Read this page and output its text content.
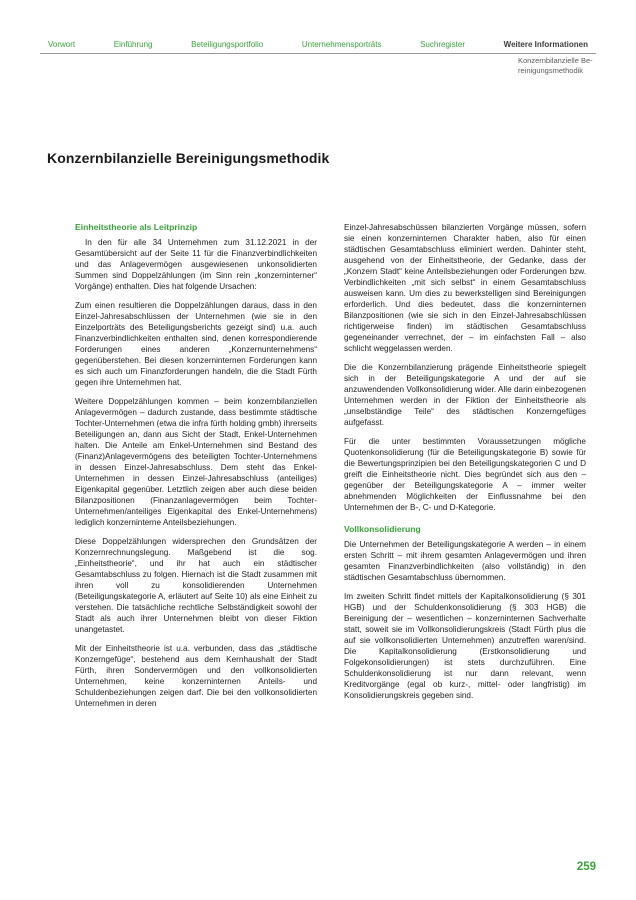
Vorwort	Einführung	Beteiligungsportfolio	Unternehmensporträts	Suchregister	Weitere Informationen
Konzernbilanzielle Be-
reinigungsmethodik
Konzernbilanzielle Bereinigungsmethodik
Einheitstheorie als Leitprinzip

In den für alle 34 Unternehmen zum 31.12.2021 in der Gesamtübersicht auf der Seite 11 für die Finanzverbindlichkeiten und das Anlagevermögen ausgewiesenen unkonsolidierten Summen sind Doppelzählungen (im Sinn rein „konzerninterner“ Vorgänge) enthalten. Dies hat folgende Ursachen:

Zum einen resultieren die Doppelzählungen daraus, dass in den Einzel-Jahresabschlüssen der Unternehmen (wie sie in den Einzelporträts des Beteiligungsberichts gezeigt sind) u.a. auch Finanzverbindlichkeiten enthalten sind, denen korrespondierende Forderungen eines anderen „Konzernunternehmens“ gegenüberstehen. Bei diesen konzerninternen Forderungen kann es sich auch um Finanzforderungen handeln, die die Stadt Fürth gegen ihre Unternehmen hat.

Weitere Doppelzählungen kommen – beim konzernbilanziellen Anlagevermögen – dadurch zustande, dass bestimmte städtische Tochter-Unternehmen (etwa die infra fürth holding gmbh) ihrerseits Beteiligungen an, dann aus Sicht der Stadt, Enkel-Unternehmen halten. Die Anteile am Enkel-Unternehmen sind Bestand des (Finanz)Anlagevermögens des beteiligten Tochter-Unternehmens in dessen Einzel-Jahresabschluss. Dem steht das Enkel-Unternehmen in dessen Einzel-Jahresabschluss (anteiliges) Eigenkapital gegenüber. Letztlich zeigen aber auch diese beiden Bilanzpositionen (Finanzanlagevermögen beim Tochter-Unternehmen/anteiliges Eigenkapital des Enkel-Unternehmens) lediglich konzerninterne Anteilsbeziehungen.

Diese Doppelzählungen widersprechen den Grundsätzen der Konzernrechnungslegung. Maßgebend ist die sog. „Einheitstheorie“, und ihr hat auch ein städtischer Gesamtabschluss zu folgen. Hiernach ist die Stadt zusammen mit ihren voll zu konsolidierenden Unternehmen (Beteiligungskategorie A, erläutert auf Seite 10) als eine Einheit zu verstehen. Die tatsächliche rechtliche Selbständigkeit sowohl der Stadt als auch ihrer Unternehmen bleibt von dieser Fiktion unangetastet.

Mit der Einheitstheorie ist u.a. verbunden, dass das „städtische Konzerngefüge“, bestehend aus dem Kernhaushalt der Stadt Fürth, ihren Sondervermögen und den vollkonsolidierten Unternehmen, keine konzerninternen Anteils- und Schuldenbeziehungen zeigen darf. Die bei den vollkonsolidierten Unternehmen in deren

Einzel-Jahresabschüssen bilanzierten Vorgänge müssen, sofern sie einen konzerninternen Charakter haben, also für einen städtischen Gesamtabschluss eliminiert werden. Dahinter steht, ausgehend von der Einheitstheorie, der Gedanke, dass der „Konzern Stadt“ keine Anteilsbeziehungen oder Forderungen bzw. Verbindlichkeiten „mit sich selbst“ in einem Gesamtabschluss ausweisen kann. Um dies zu bewerkstelligen sind Bereinigungen erforderlich. Und dies bedeutet, dass die konzerninternen Bilanzpositionen (wie sie sich in den Einzel-Jahresabschlüssen richtigerweise finden) im städtischen Gesamtabschluss gegeneinander verrechnet, der – im einfachsten Fall – also schlicht weggelassen werden.

Die die Konzernbilanzierung prägende Einheitstheorie spiegelt sich in der Beteiligungskategorie A und der auf sie anzuwendenden Vollkonsolidierung wider. Alle darin einbezogenen Unternehmen werden in der Fiktion der Einheitstheorie als „unselbständige Teile“ des städtischen Konzerngefüges aufgefasst.

Für die unter bestimmten Voraussetzungen mögliche Quotenkonsolidierung (für die Beteiligungskategorie B) sowie für die Bewertungsprinzipien bei den Beteiligungskategorien C und D greift die Einheitstheorie nicht. Dies begründet sich aus den – gegenüber der Beteiligungskategorie A – immer weiter abnehmenden Möglichkeiten der Einflussnahme bei den Unternehmen der B-, C- und D-Kategorie.

Vollkonsolidierung

Die Unternehmen der Beteiligungskategorie A werden – in einem ersten Schritt – mit ihrem gesamten Anlagevermögen und ihren gesamten Finanzverbindlichkeiten (also vollständig) in den städtischen Gesamtabschluss übernommen.

Im zweiten Schritt findet mittels der Kapitalkonsolidierung (§ 301 HGB) und der Schuldenkonsolidierung (§ 303 HGB) die Bereinigung der – wesentlichen – konzerninternen Sachverhalte statt, soweit sie im Vollkonsolidierungskreis (Stadt Fürth plus die auf sie vollkonsolidierten Unternehmen) anzutreffen waren/sind. Die Kapitalkonsolidierung (Erstkonsolidierung und Folgekonsolidierungen) ist stets durchzuführen. Eine Schuldenkonsolidierung ist nur dann relevant, wenn Kreditvorgänge (egal ob kurz-, mittel- oder langfristig) im Konsolidierungskreis gegeben sind.

259
